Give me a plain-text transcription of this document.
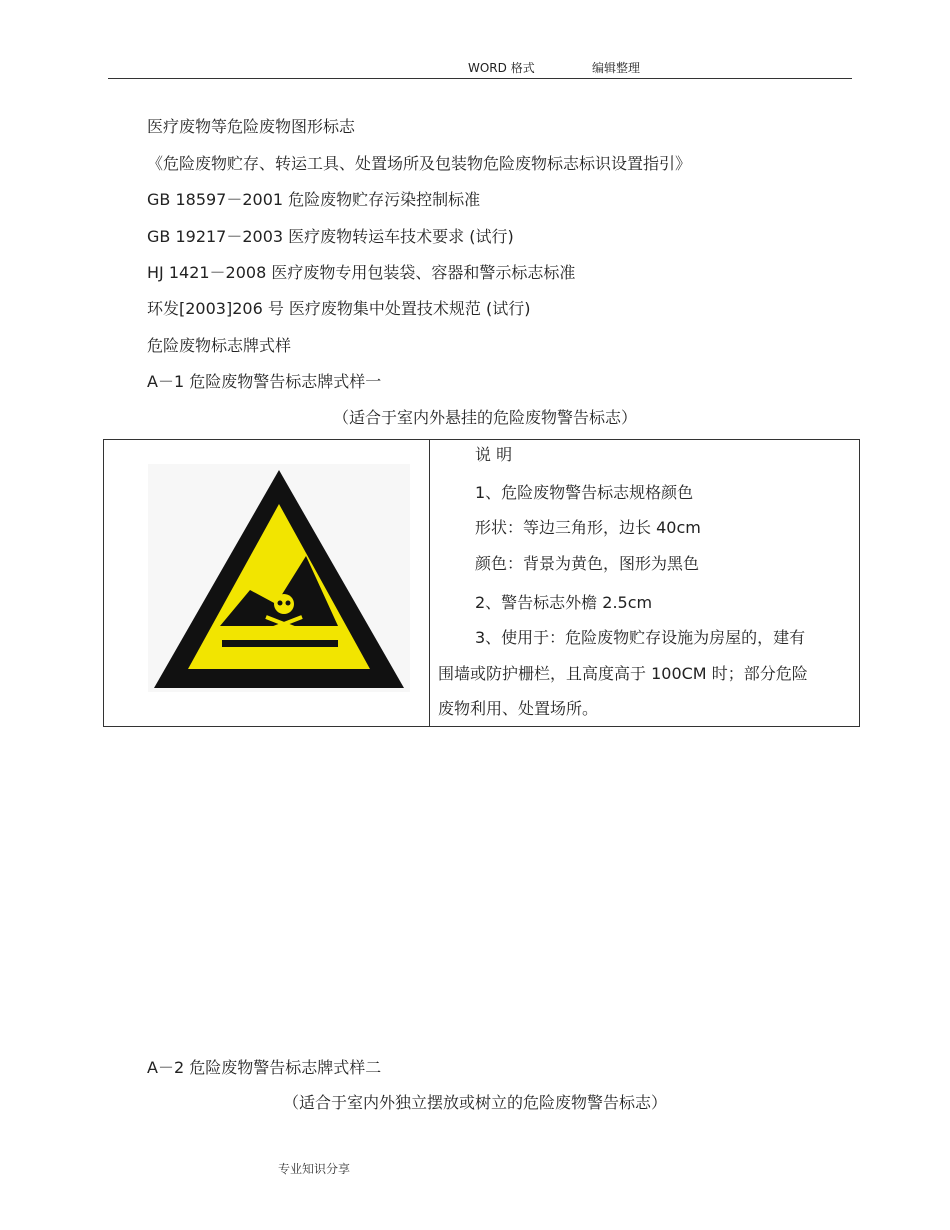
WORD 格式	编辑整理
医疗废物等危险废物图形标志
《危险废物贮存、转运工具、处置场所及包装物危险废物标志标识设置指引》
GB 18597－2001 危险废物贮存污染控制标准
GB 19217－2003 医疗废物转运车技术要求 (试行)
HJ 1421－2008 医疗废物专用包装袋、容器和警示标志标准
环发[2003]206 号 医疗废物集中处置技术规范 (试行)
危险废物标志牌式样
A－1 危险废物警告标志牌式样一
（适合于室内外悬挂的危险废物警告标志）
说 明
1、危险废物警告标志规格颜色
形状：等边三角形，边长 40cm
颜色：背景为黄色，图形为黑色
2、警告标志外檐 2.5cm
3、使用于：危险废物贮存设施为房屋的，建有
围墙或防护栅栏，且高度高于 100CM 时；部分危险
废物利用、处置场所。
A－2 危险废物警告标志牌式样二
（适合于室内外独立摆放或树立的危险废物警告标志）
专业知识分享
